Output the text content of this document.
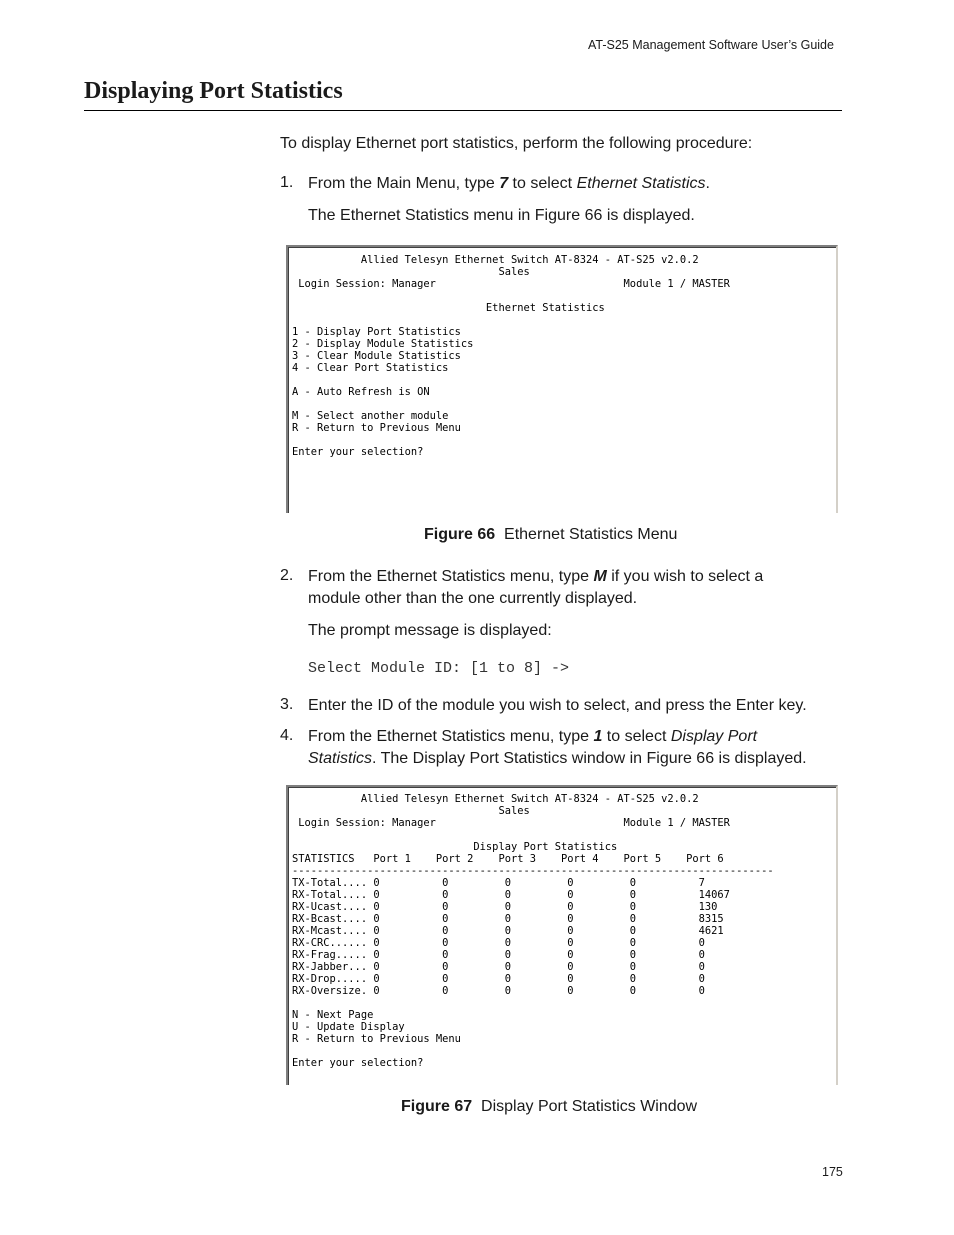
AT-S25 Management Software User’s Guide
Displaying Port Statistics
To display Ethernet port statistics, perform the following procedure:
1. From the Main Menu, type 7 to select Ethernet Statistics.
The Ethernet Statistics menu in Figure 66 is displayed.
Allied Telesyn Ethernet Switch AT-8324 - AT-S25 v2.0.2
Sales
Login Session: Manager                              Module 1 / MASTER

Ethernet Statistics

1 - Display Port Statistics
2 - Display Module Statistics
3 - Clear Module Statistics
4 - Clear Port Statistics

A - Auto Refresh is ON

M - Select another module
R - Return to Previous Menu

Enter your selection?
Figure 66 Ethernet Statistics Menu
2. From the Ethernet Statistics menu, type M if you wish to select a
module other than the one currently displayed.
The prompt message is displayed:
Select Module ID: [1 to 8] ->
3. Enter the ID of the module you wish to select, and press the Enter key.
4. From the Ethernet Statistics menu, type 1 to select Display Port
Statistics. The Display Port Statistics window in Figure 66 is displayed.
Allied Telesyn Ethernet Switch AT-8324 - AT-S25 v2.0.2
Sales
Login Session: Manager                              Module 1 / MASTER

Display Port Statistics
STATISTICS   Port 1    Port 2    Port 3    Port 4    Port 5    Port 6
-----------------------------------------------------------------------------
TX-Total.... 0          0         0         0         0          7
RX-Total.... 0          0         0         0         0          14067
RX-Ucast.... 0          0         0         0         0          130
RX-Bcast.... 0          0         0         0         0          8315
RX-Mcast.... 0          0         0         0         0          4621
RX-CRC...... 0          0         0         0         0          0
RX-Frag..... 0          0         0         0         0          0
RX-Jabber... 0          0         0         0         0          0
RX-Drop..... 0          0         0         0         0          0
RX-Oversize. 0          0         0         0         0          0

N - Next Page
U - Update Display
R - Return to Previous Menu

Enter your selection?
Figure 67 Display Port Statistics Window
175
